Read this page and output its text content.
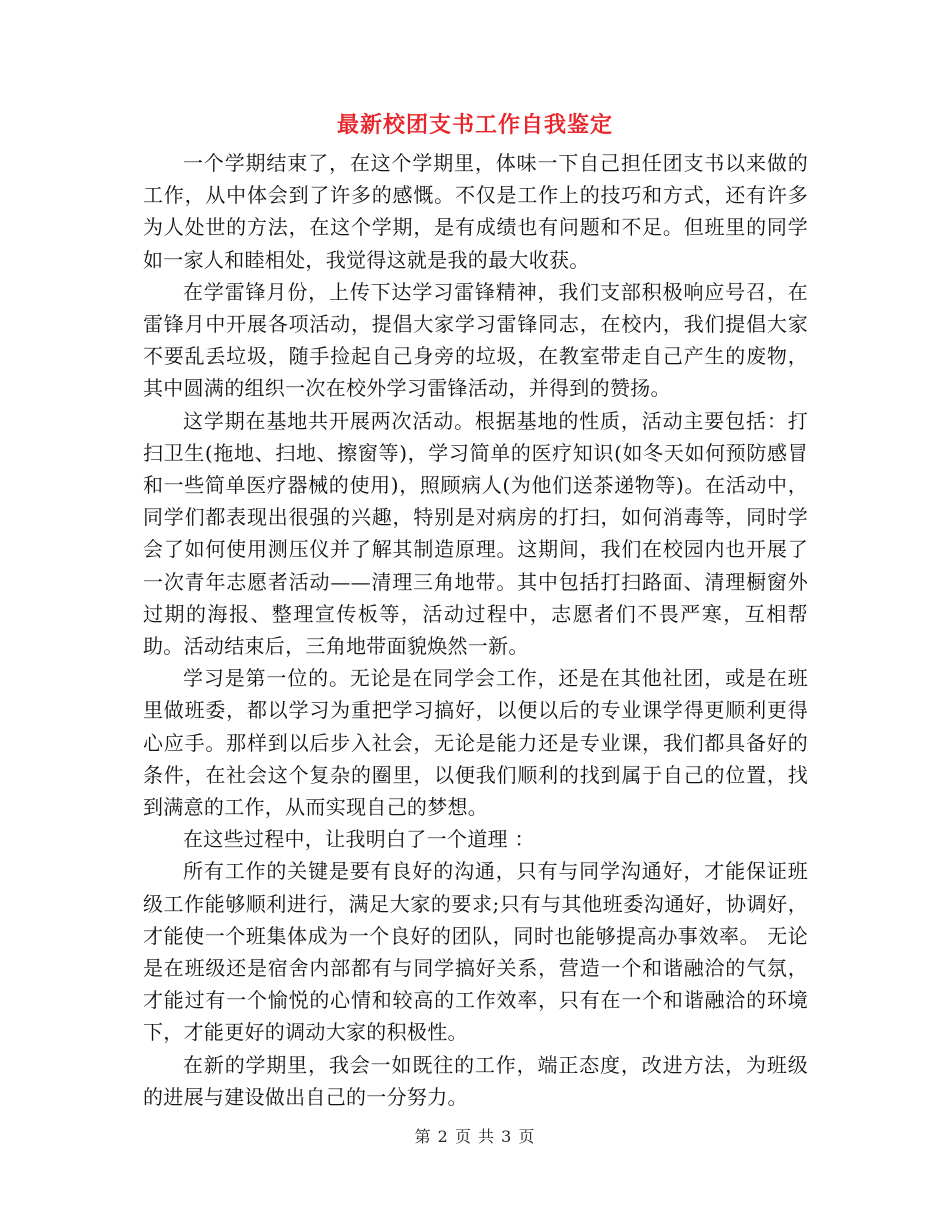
最新校团支书工作自我鉴定

一个学期结束了，在这个学期里，体味一下自己担任团支书以来做的工作，从中体会到了许多的感慨。不仅是工作上的技巧和方式，还有许多为人处世的方法，在这个学期，是有成绩也有问题和不足。但班里的同学如一家人和睦相处，我觉得这就是我的最大收获。

在学雷锋月份，上传下达学习雷锋精神，我们支部积极响应号召，在雷锋月中开展各项活动，提倡大家学习雷锋同志，在校内，我们提倡大家不要乱丢垃圾，随手捡起自己身旁的垃圾，在教室带走自己产生的废物，其中圆满的组织一次在校外学习雷锋活动，并得到的赞扬。

这学期在基地共开展两次活动。根据基地的性质，活动主要包括：打扫卫生(拖地、扫地、擦窗等)，学习简单的医疗知识(如冬天如何预防感冒和一些简单医疗器械的使用)，照顾病人(为他们送茶递物等)。在活动中，同学们都表现出很强的兴趣，特别是对病房的打扫，如何消毒等，同时学会了如何使用测压仪并了解其制造原理。这期间，我们在校园内也开展了一次青年志愿者活动——清理三角地带。其中包括打扫路面、清理橱窗外过期的海报、整理宣传板等，活动过程中，志愿者们不畏严寒，互相帮助。活动结束后，三角地带面貌焕然一新。

学习是第一位的。无论是在同学会工作，还是在其他社团，或是在班里做班委，都以学习为重把学习搞好，以便以后的专业课学得更顺利更得心应手。那样到以后步入社会，无论是能力还是专业课，我们都具备好的条件，在社会这个复杂的圈里，以便我们顺利的找到属于自己的位置，找到满意的工作，从而实现自己的梦想。

在这些过程中，让我明白了一个道理 ：

所有工作的关键是要有良好的沟通，只有与同学沟通好，才能保证班级工作能够顺利进行，满足大家的要求;只有与其他班委沟通好，协调好，才能使一个班集体成为一个良好的团队，同时也能够提高办事效率。 无论是在班级还是宿舍内部都有与同学搞好关系，营造一个和谐融洽的气氛，才能过有一个愉悦的心情和较高的工作效率，只有在一个和谐融洽的环境下，才能更好的调动大家的积极性。

在新的学期里，我会一如既往的工作，端正态度，改进方法，为班级的进展与建设做出自己的一分努力。

第 2 页 共 3 页
